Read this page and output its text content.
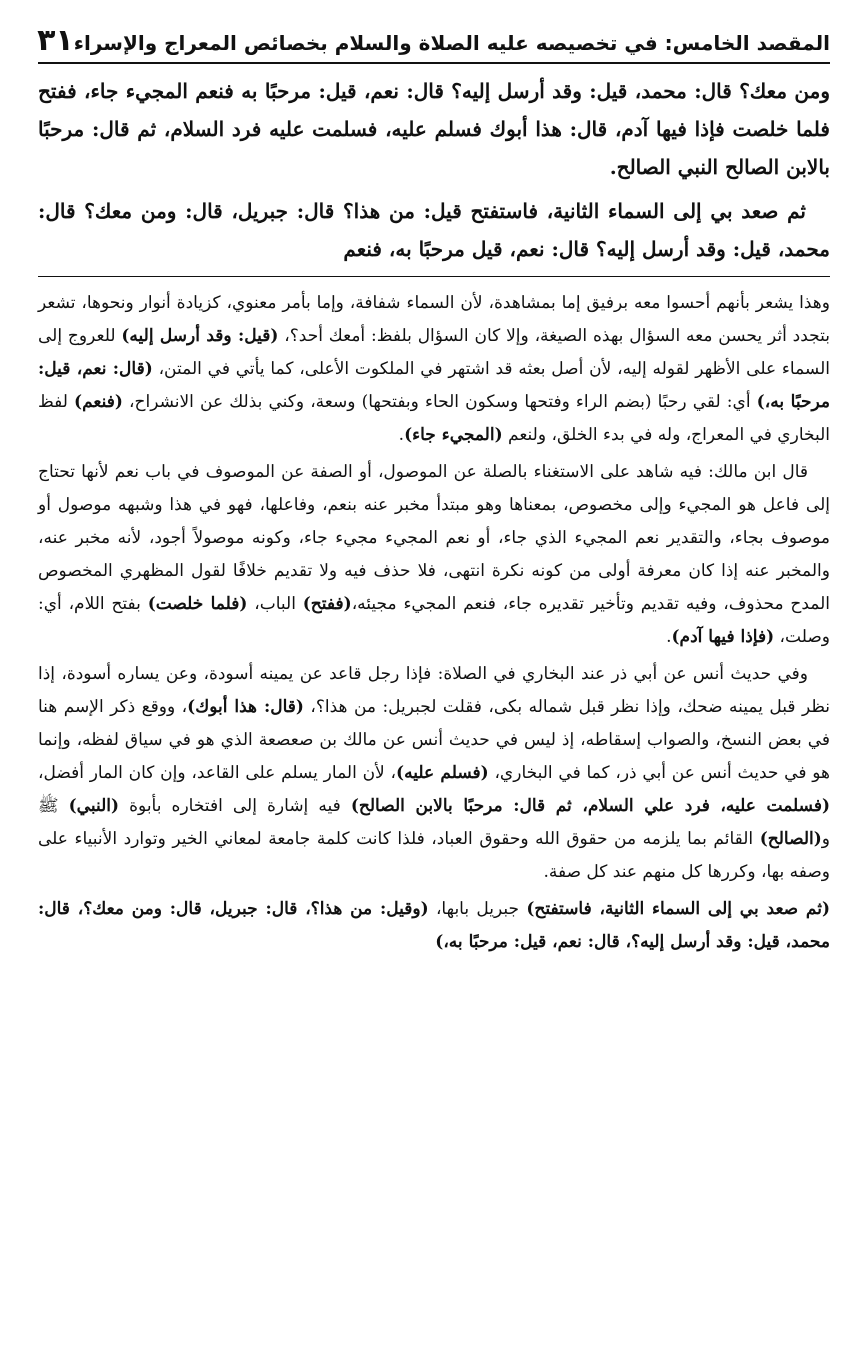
المقصد الخامس: في تخصيصه عليه الصلاة والسلام بخصائص المعراج والإسراء
٣١

ومن معك؟ قال: محمد، قيل: وقد أرسل إليه؟ قال: نعم، قيل: مرحبًا به فنعم المجيء جاء، ففتح فلما خلصت فإذا فيها آدم، قال: هذا أبوك فسلم عليه، فسلمت عليه فرد السلام، ثم قال: مرحبًا بالابن الصالح النبي الصالح.

ثم صعد بي إلى السماء الثانية، فاستفتح قيل: من هذا؟ قال: جبريل، قال: ومن معك؟ قال: محمد، قيل: وقد أرسل إليه؟ قال: نعم، قيل مرحبًا به، فنعم

وهذا يشعر بأنهم أحسوا معه برفيق إما بمشاهدة، لأن السماء شفافة، وإما بأمر معنوي، كزيادة أنوار ونحوها، تشعر بتجدد أثر يحسن معه السؤال بهذه الصيغة، وإلا كان السؤال بلفظ: أمعك أحد؟، (قيل: وقد أرسل إليه) للعروج إلى السماء على الأظهر لقوله إليه، لأن أصل بعثه قد اشتهر في الملكوت الأعلى، كما يأتي في المتن، (قال: نعم، قيل: مرحبًا به،) أي: لقي رحبًا (بضم الراء وفتحها وسكون الحاء وبفتحها) وسعة، وكني بذلك عن الانشراح، (فنعم) لفظ البخاري في المعراج، وله في بدء الخلق، ولنعم (المجيء جاء).

قال ابن مالك: فيه شاهد على الاستغناء بالصلة عن الموصول، أو الصفة عن الموصوف في باب نعم لأنها تحتاج إلى فاعل هو المجيء وإلى مخصوص، بمعناها وهو مبتدأ مخبر عنه بنعم، وفاعلها، فهو في هذا وشبهه موصول أو موصوف بجاء، والتقدير نعم المجيء الذي جاء، أو نعم المجيء مجيء جاء، وكونه موصولاً أجود، لأنه مخبر عنه، والمخبر عنه إذا كان معرفة أولى من كونه نكرة انتهى، فلا حذف فيه ولا تقديم خلافًا لقول المظهري المخصوص المدح محذوف، وفيه تقديم وتأخير تقديره جاء، فنعم المجيء مجيئه،(ففتح) الباب، (فلما خلصت) بفتح اللام، أي: وصلت، (فإذا فيها آدم).

وفي حديث أنس عن أبي ذر عند البخاري في الصلاة: فإذا رجل قاعد عن يمينه أسودة، وعن يساره أسودة، إذا نظر قبل يمينه ضحك، وإذا نظر قبل شماله بكى، فقلت لجبريل: من هذا؟، (قال: هذا أبوك)، ووقع ذكر الإسم هنا في بعض النسخ، والصواب إسقاطه، إذ ليس في حديث أنس عن مالك بن صعصعة الذي هو في سياق لفظه، وإنما هو في حديث أنس عن أبي ذر، كما في البخاري، (فسلم عليه)، لأن المار يسلم على القاعد، وإن كان المار أفضل، (فسلمت عليه، فرد علي السلام، ثم قال: مرحبًا بالابن الصالح) فيه إشارة إلى افتخاره بأبوة (النبي) ﷺ و(الصالح) القائم بما يلزمه من حقوق الله وحقوق العباد، فلذا كانت كلمة جامعة لمعاني الخير وتوارد الأنبياء على وصفه بها، وكررها كل منهم عند كل صفة.

(ثم صعد بي إلى السماء الثانية، فاستفتح) جبريل بابها، (وقيل: من هذا؟، قال: جبريل، قال: ومن معك؟، قال: محمد، قيل: وقد أرسل إليه؟، قال: نعم، قيل: مرحبًا به،)
